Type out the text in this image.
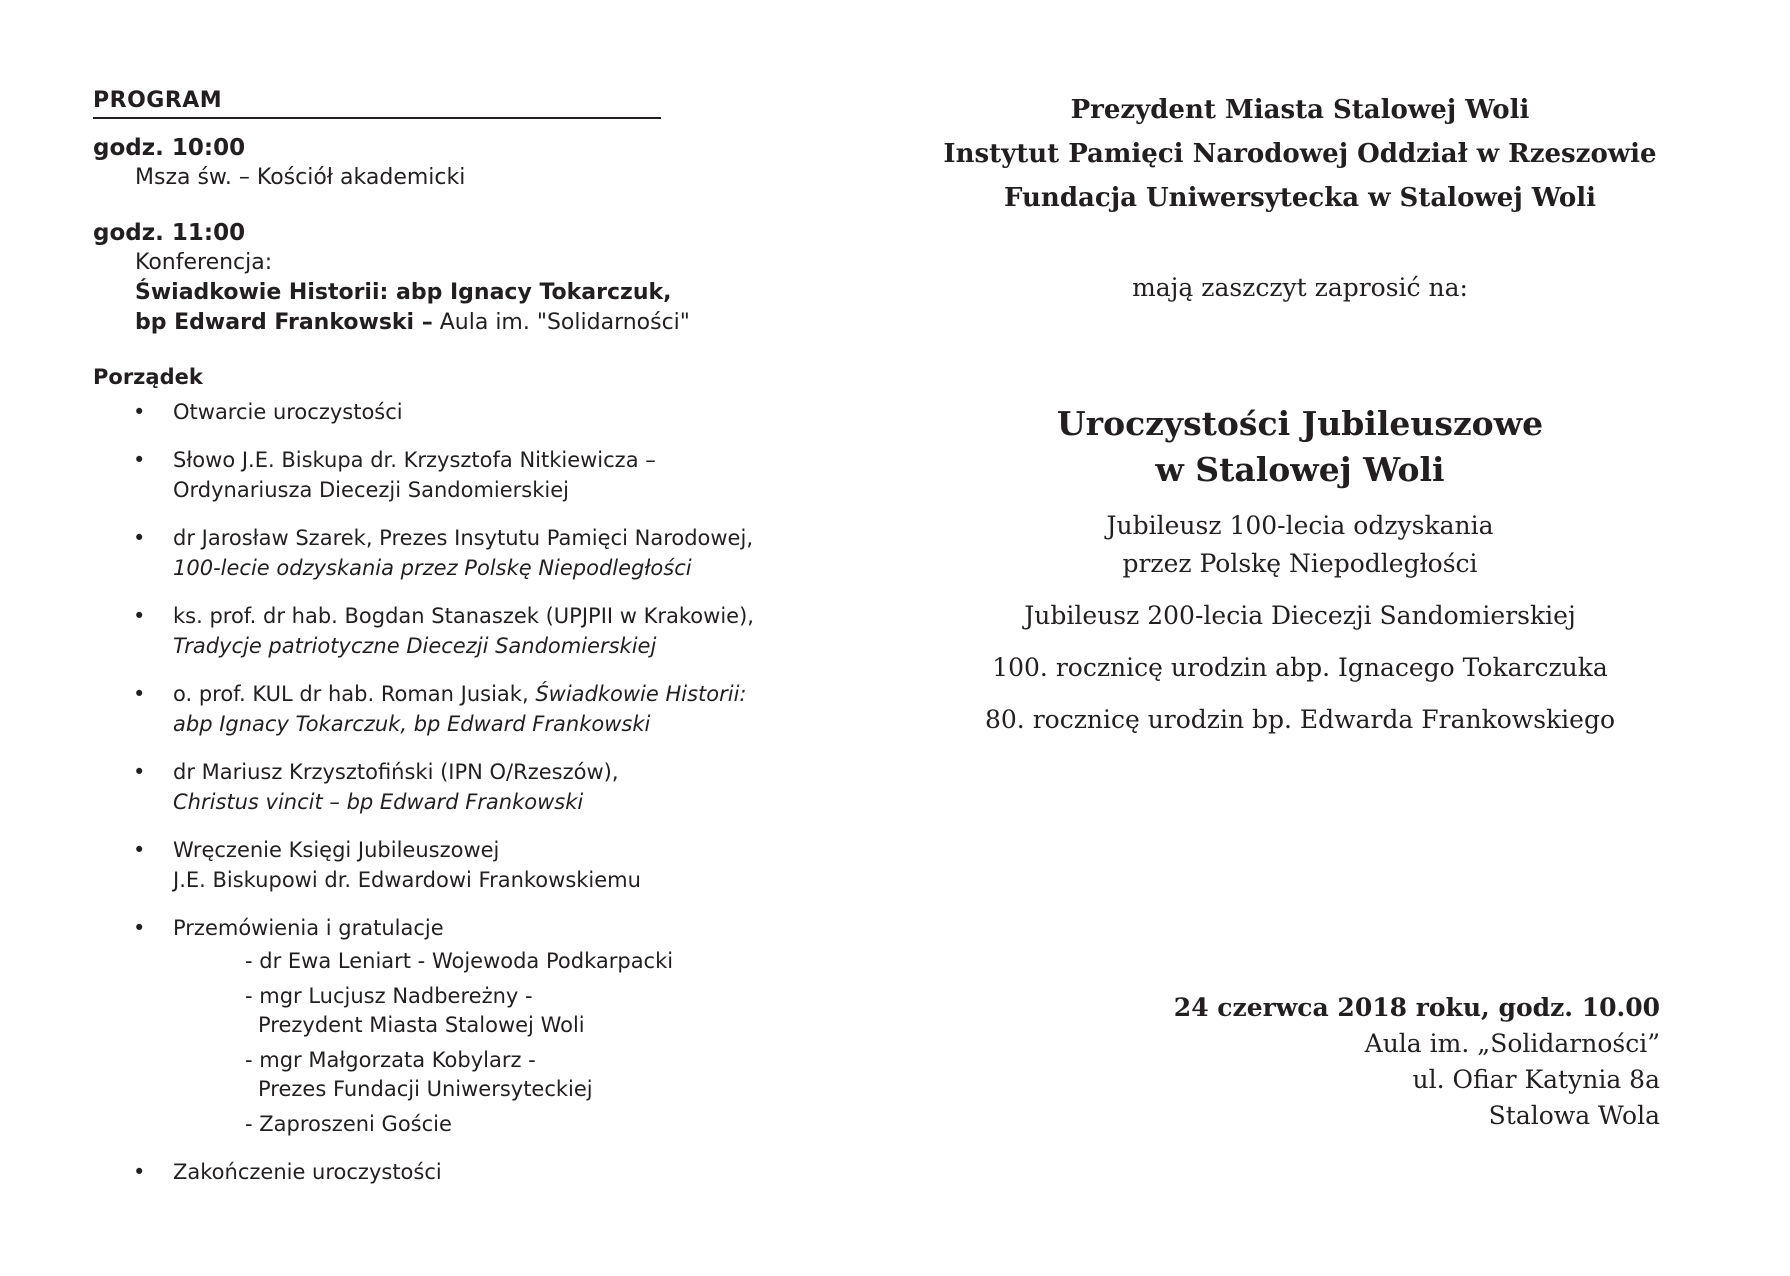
PROGRAM
godz. 10:00
Msza św. – Kościół akademicki
godz. 11:00
Konferencja:
Świadkowie Historii: abp Ignacy Tokarczuk,
bp Edward Frankowski – Aula im. "Solidarności"
Porządek
• Otwarcie uroczystości
• Słowo J.E. Biskupa dr. Krzysztofa Nitkiewicza –
Ordynariusza Diecezji Sandomierskiej
• dr Jarosław Szarek, Prezes Insytutu Pamięci Narodowej,
100-lecie odzyskania przez Polskę Niepodległości
• ks. prof. dr hab. Bogdan Stanaszek (UPJPII w Krakowie),
Tradycje patriotyczne Diecezji Sandomierskiej
• o. prof. KUL dr hab. Roman Jusiak, Świadkowie Historii:
abp Ignacy Tokarczuk, bp Edward Frankowski
• dr Mariusz Krzysztofiński (IPN O/Rzeszów),
Christus vincit – bp Edward Frankowski
• Wręczenie Księgi Jubileuszowej
J.E. Biskupowi dr. Edwardowi Frankowskiemu
• Przemówienia i gratulacje
- dr Ewa Leniart - Wojewoda Podkarpacki
- mgr Lucjusz Nadbereżny -
Prezydent Miasta Stalowej Woli
- mgr Małgorzata Kobylarz -
Prezes Fundacji Uniwersyteckiej
- Zaproszeni Goście
• Zakończenie uroczystości
Prezydent Miasta Stalowej Woli
Instytut Pamięci Narodowej Oddział w Rzeszowie
Fundacja Uniwersytecka w Stalowej Woli
mają zaszczyt zaprosić na:
Uroczystości Jubileuszowe
w Stalowej Woli
Jubileusz 100-lecia odzyskania
przez Polskę Niepodległości
Jubileusz 200-lecia Diecezji Sandomierskiej
100. rocznicę urodzin abp. Ignacego Tokarczuka
80. rocznicę urodzin bp. Edwarda Frankowskiego
24 czerwca 2018 roku, godz. 10.00
Aula im. „Solidarności”
ul. Ofiar Katynia 8a
Stalowa Wola
